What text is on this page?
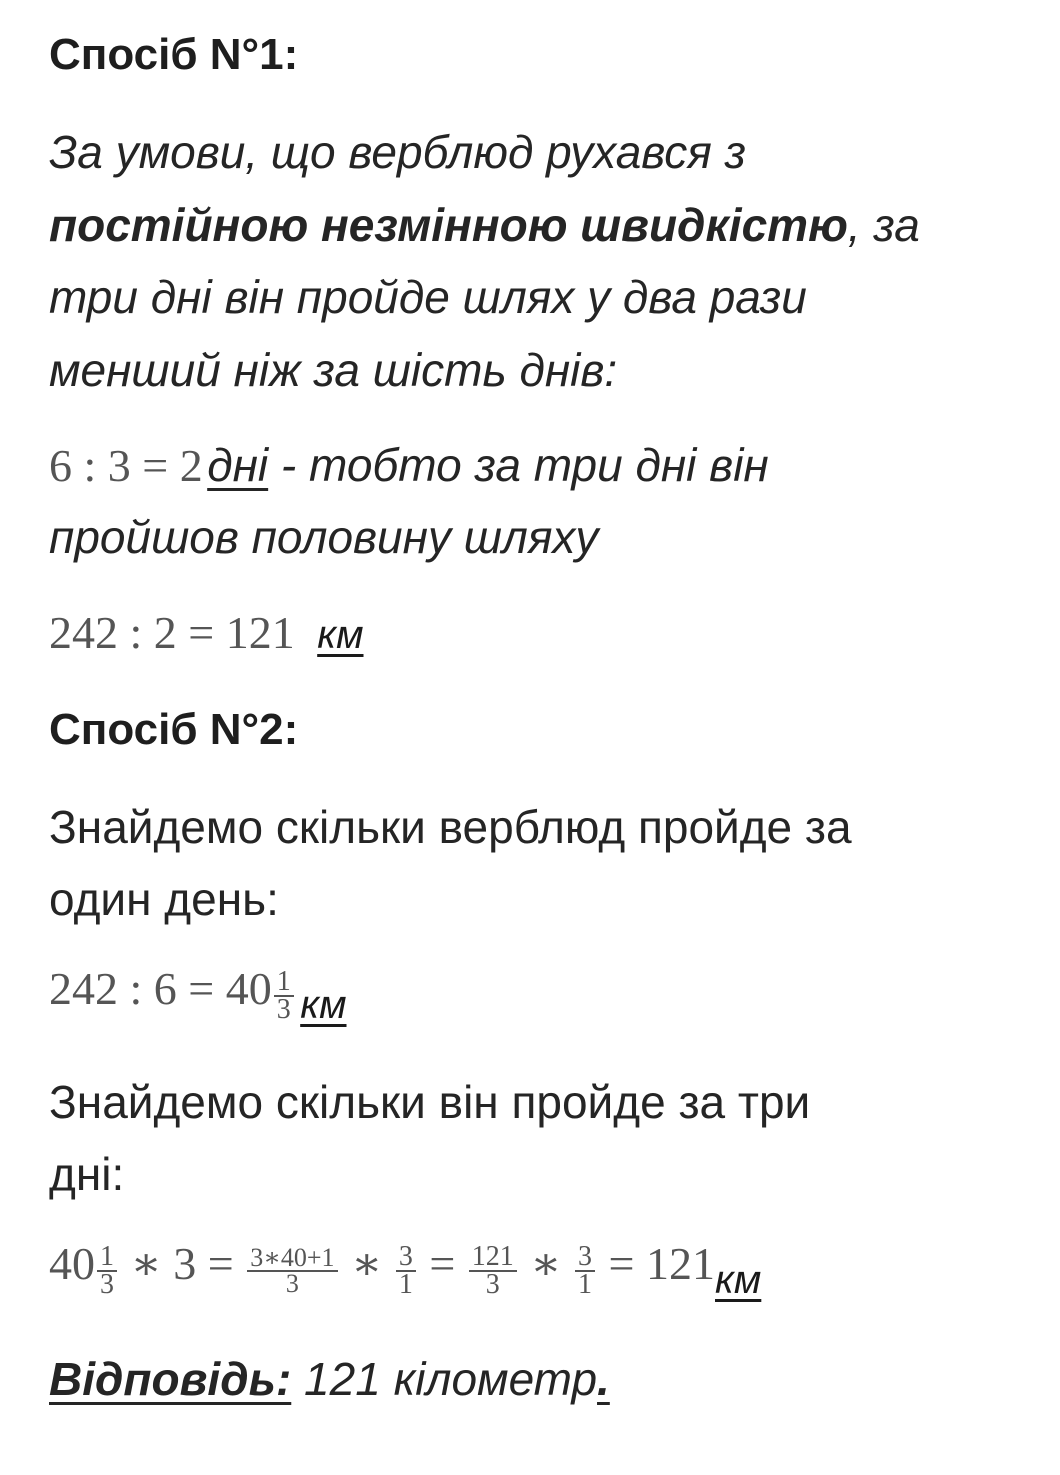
Спосіб N°1:
За умови, що верблюд рухався з
постійною незмінною швидкістю, за
три дні він пройде шлях у два рази
менший ніж за шість днів:
6 : 3 = 2 дні - тобто за три дні він
пройшов половину шляху
242 : 2 = 121 км
Спосіб N°2:
Знайдемо скільки верблюд пройде за
один день:
242 : $6 = 40 \frac{1}{3}$ км
Знайдемо скільки він пройде за три
дні:
$40 \frac{1}{3}$ ∗ $3 = \frac{3∗40+1}{3}$ ∗ $\frac{3}{1} = \frac{121}{3}$ ∗ $\frac{3}{1} = 121км$
Відповідь: 121 кілометр.
